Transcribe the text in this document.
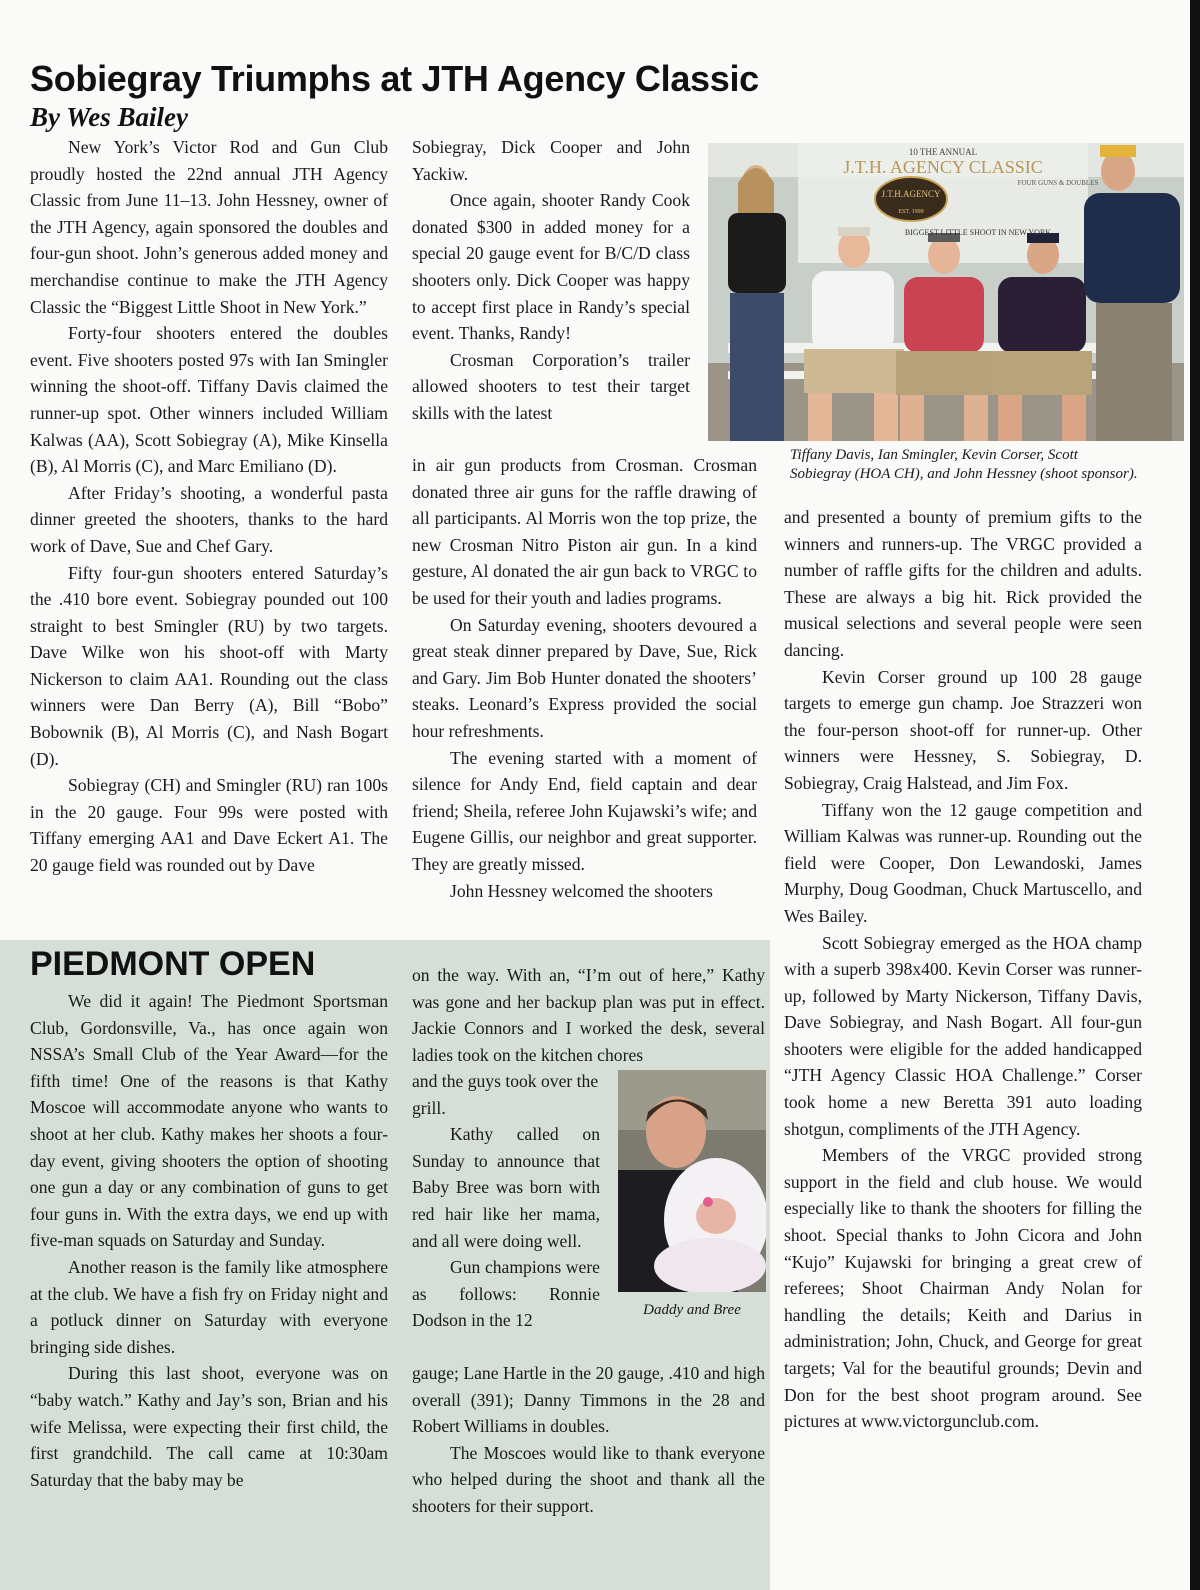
Sobiegray Triumphs at JTH Agency Classic
By Wes Bailey

New York’s Victor Rod and Gun Club proudly hosted the 22nd annual JTH Agency Classic from June 11–13. John Hessney, owner of the JTH Agency, again sponsored the doubles and four-gun shoot. John’s generous added money and merchandise continue to make the JTH Agency Classic the “Biggest Little Shoot in New York.”

Forty-four shooters entered the doubles event. Five shooters posted 97s with Ian Smingler winning the shoot-off. Tiffany Davis claimed the runner-up spot. Other winners included William Kalwas (AA), Scott Sobiegray (A), Mike Kinsella (B), Al Morris (C), and Marc Emiliano (D).

After Friday’s shooting, a wonderful pasta dinner greeted the shooters, thanks to the hard work of Dave, Sue and Chef Gary.

Fifty four-gun shooters entered Saturday’s the .410 bore event. Sobiegray pounded out 100 straight to best Smingler (RU) by two targets. Dave Wilke won his shoot-off with Marty Nickerson to claim AA1. Rounding out the class winners were Dan Berry (A), Bill “Bobo” Bobownik (B), Al Morris (C), and Nash Bogart (D).

Sobiegray (CH) and Smingler (RU) ran 100s in the 20 gauge. Four 99s were posted with Tiffany emerging AA1 and Dave Eckert A1. The 20 gauge field was rounded out by Dave

Sobiegray, Dick Cooper and John Yackiw.

Once again, shooter Randy Cook donated $300 in added money for a special 20 gauge event for B/C/D class shooters only. Dick Cooper was happy to accept first place in Randy’s special event. Thanks, Randy!

Crosman Corporation’s trailer allowed shooters to test their target skills with the latest

in air gun products from Crosman. Crosman donated three air guns for the raffle drawing of all participants. Al Morris won the top prize, the new Crosman Nitro Piston air gun. In a kind gesture, Al donated the air gun back to VRGC to be used for their youth and ladies programs.

On Saturday evening, shooters devoured a great steak dinner prepared by Dave, Sue, Rick and Gary. Jim Bob Hunter donated the shooters’ steaks. Leonard’s Express provided the social hour refreshments.

The evening started with a moment of silence for Andy End, field captain and dear friend; Sheila, referee John Kujawski’s wife; and Eugene Gillis, our neighbor and great supporter. They are greatly missed.

John Hessney welcomed the shooters

10 THE ANNUAL
J.T.H. AGENCY CLASSIC
FOUR GUNS & DOUBLES
J.T.H.AGENCY
EST. 1999
BIGGEST LITTLE SHOOT IN NEW YORK

Tiffany Davis, Ian Smingler, Kevin Corser, Scott Sobiegray (HOA CH), and John Hessney (shoot sponsor).

and presented a bounty of premium gifts to the winners and runners-up. The VRGC provided a number of raffle gifts for the children and adults. These are always a big hit. Rick provided the musical selections and several people were seen dancing.

Kevin Corser ground up 100 28 gauge targets to emerge gun champ. Joe Strazzeri won the four-person shoot-off for runner-up. Other winners were Hessney, S. Sobiegray, D. Sobiegray, Craig Halstead, and Jim Fox.

Tiffany won the 12 gauge competition and William Kalwas was runner-up. Rounding out the field were Cooper, Don Lewandoski, James Murphy, Doug Goodman, Chuck Martuscello, and Wes Bailey.

Scott Sobiegray emerged as the HOA champ with a superb 398x400. Kevin Corser was runner-up, followed by Marty Nickerson, Tiffany Davis, Dave Sobiegray, and Nash Bogart. All four-gun shooters were eligible for the added handicapped “JTH Agency Classic HOA Challenge.” Corser took home a new Beretta 391 auto loading shotgun, compliments of the JTH Agency.

Members of the VRGC provided strong support in the field and club house. We would especially like to thank the shooters for filling the shoot. Special thanks to John Cicora and John “Kujo” Kujawski for bringing a great crew of referees; Shoot Chairman Andy Nolan for handling the details; Keith and Darius in administration; John, Chuck, and George for great targets; Val for the beautiful grounds; Devin and Don for the best shoot program around. See pictures at www.victorgunclub.com.

PIEDMONT OPEN

We did it again! The Piedmont Sportsman Club, Gordonsville, Va., has once again won NSSA’s Small Club of the Year Award—for the fifth time! One of the reasons is that Kathy Moscoe will accommodate anyone who wants to shoot at her club. Kathy makes her shoots a four-day event, giving shooters the option of shooting one gun a day or any combination of guns to get four guns in. With the extra days, we end up with five-man squads on Saturday and Sunday.

Another reason is the family like atmosphere at the club. We have a fish fry on Friday night and a potluck dinner on Saturday with everyone bringing side dishes.

During this last shoot, everyone was on “baby watch.” Kathy and Jay’s son, Brian and his wife Melissa, were expecting their first child, the first grandchild. The call came at 10:30am Saturday that the baby may be

on the way. With an, “I’m out of here,” Kathy was gone and her backup plan was put in effect. Jackie Connors and I worked the desk, several ladies took on the kitchen chores

and the guys took over the grill.

Kathy called on Sunday to announce that Baby Bree was born with red hair like her mama, and all were doing well.

Gun champions were as follows: Ronnie Dodson in the 12

Daddy and Bree

gauge; Lane Hartle in the 20 gauge, .410 and high overall (391); Danny Timmons in the 28 and Robert Williams in doubles.

The Moscoes would like to thank everyone who helped during the shoot and thank all the shooters for their support.
